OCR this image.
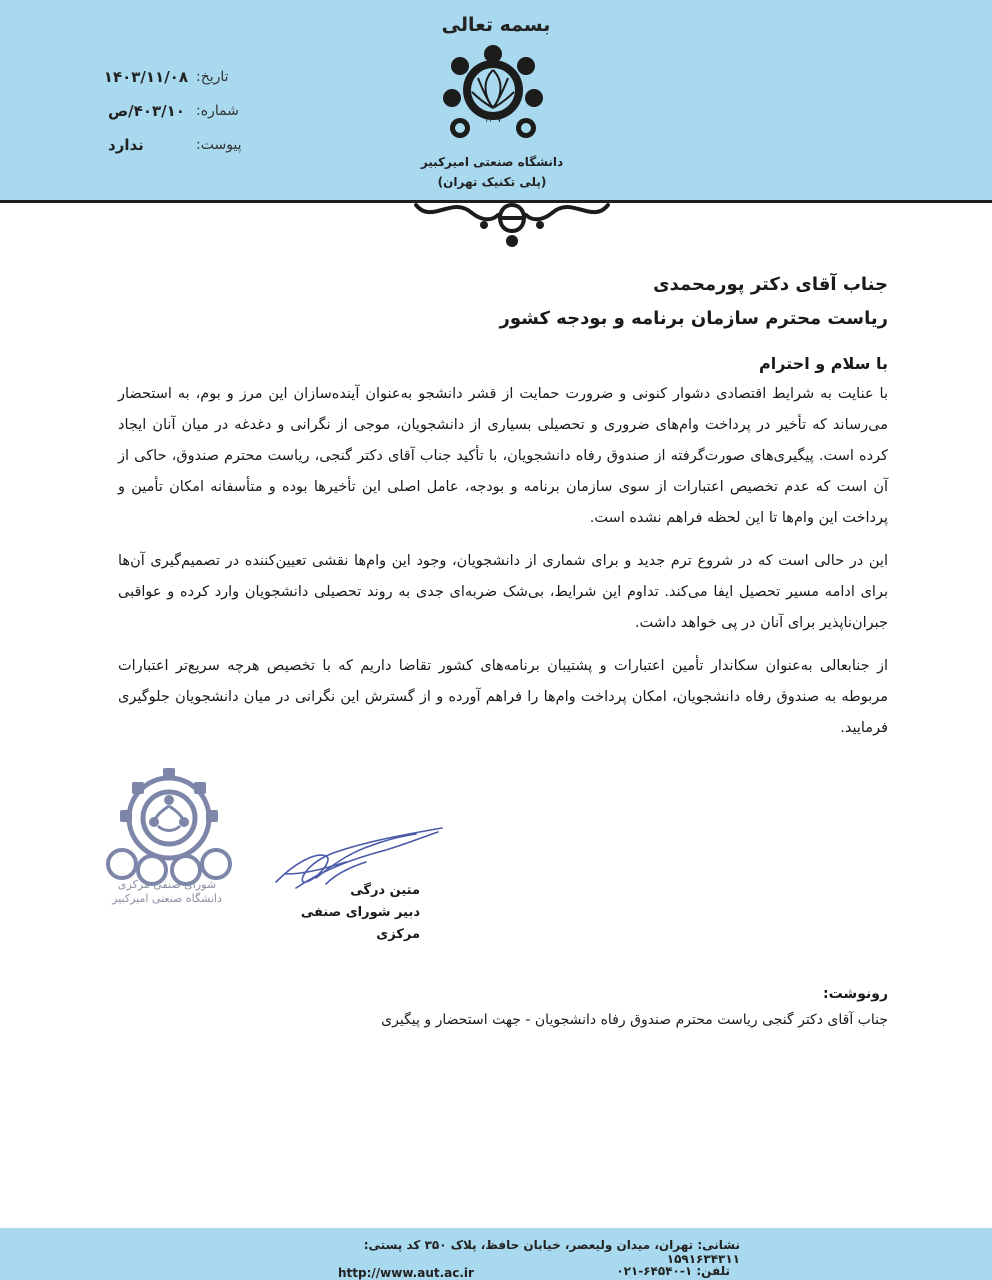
بسمه تعالی
۱۳۰۷
دانشگاه صنعتی امیرکبیر
(پلی تکنیک تهران)
تاریخ:
۱۴۰۳/۱۱/۰۸
شماره:
۴۰۳/۱۰/ص
پیوست:
ندارد
جناب آقای دکتر پورمحمدی
ریاست محترم سازمان برنامه و بودجه کشور
با سلام و احترام

با عنایت به شرایط اقتصادی دشوار کنونی و ضرورت حمایت از قشر دانشجو به‌عنوان آینده‌سازان این مرز و بوم، به استحضار می‌رساند که تأخیر در پرداخت وام‌های ضروری و تحصیلی بسیاری از دانشجویان، موجی از نگرانی و دغدغه در میان آنان ایجاد کرده است. پیگیری‌های صورت‌گرفته از صندوق رفاه دانشجویان، با تأکید جناب آقای دکتر گنجی، ریاست محترم صندوق، حاکی از آن است که عدم تخصیص اعتبارات از سوی سازمان برنامه و بودجه، عامل اصلی این تأخیرها بوده و متأسفانه امکان تأمین و پرداخت این وام‌ها تا این لحظه فراهم نشده است.

این در حالی است که در شروع ترم جدید و برای شماری از دانشجویان، وجود این وام‌ها نقشی تعیین‌کننده در تصمیم‌گیری آن‌ها برای ادامه مسیر تحصیل ایفا می‌کند. تداوم این شرایط، بی‌شک ضربه‌ای جدی به روند تحصیلی دانشجویان وارد کرده و عواقبی جبران‌ناپذیر برای آنان در پی خواهد داشت.

از جنابعالی به‌عنوان سکاندار تأمین اعتبارات و پشتیبان برنامه‌های کشور تقاضا داریم که با تخصیص هرچه سریع‌تر اعتبارات مربوطه به صندوق رفاه دانشجویان، امکان پرداخت وام‌ها را فراهم آورده و از گسترش این نگرانی در میان دانشجویان جلوگیری فرمایید.

شورای صنفی مرکزی
دانشگاه صنعتی امیرکبیر
متین درگی
دبیر شورای صنفی مرکزی
رونوشت:
جناب آقای دکتر گنجی ریاست محترم صندوق رفاه دانشجویان - جهت استحضار و پیگیری
نشانی: تهران، میدان ولیعصر، خیابان حافظ، پلاک ۳۵۰ کد پستی: ۱۵۹۱۶۳۴۳۱۱
تلفن: ۱-۶۴۵۴۰-۰۲۱
http://www.aut.ac.ir
